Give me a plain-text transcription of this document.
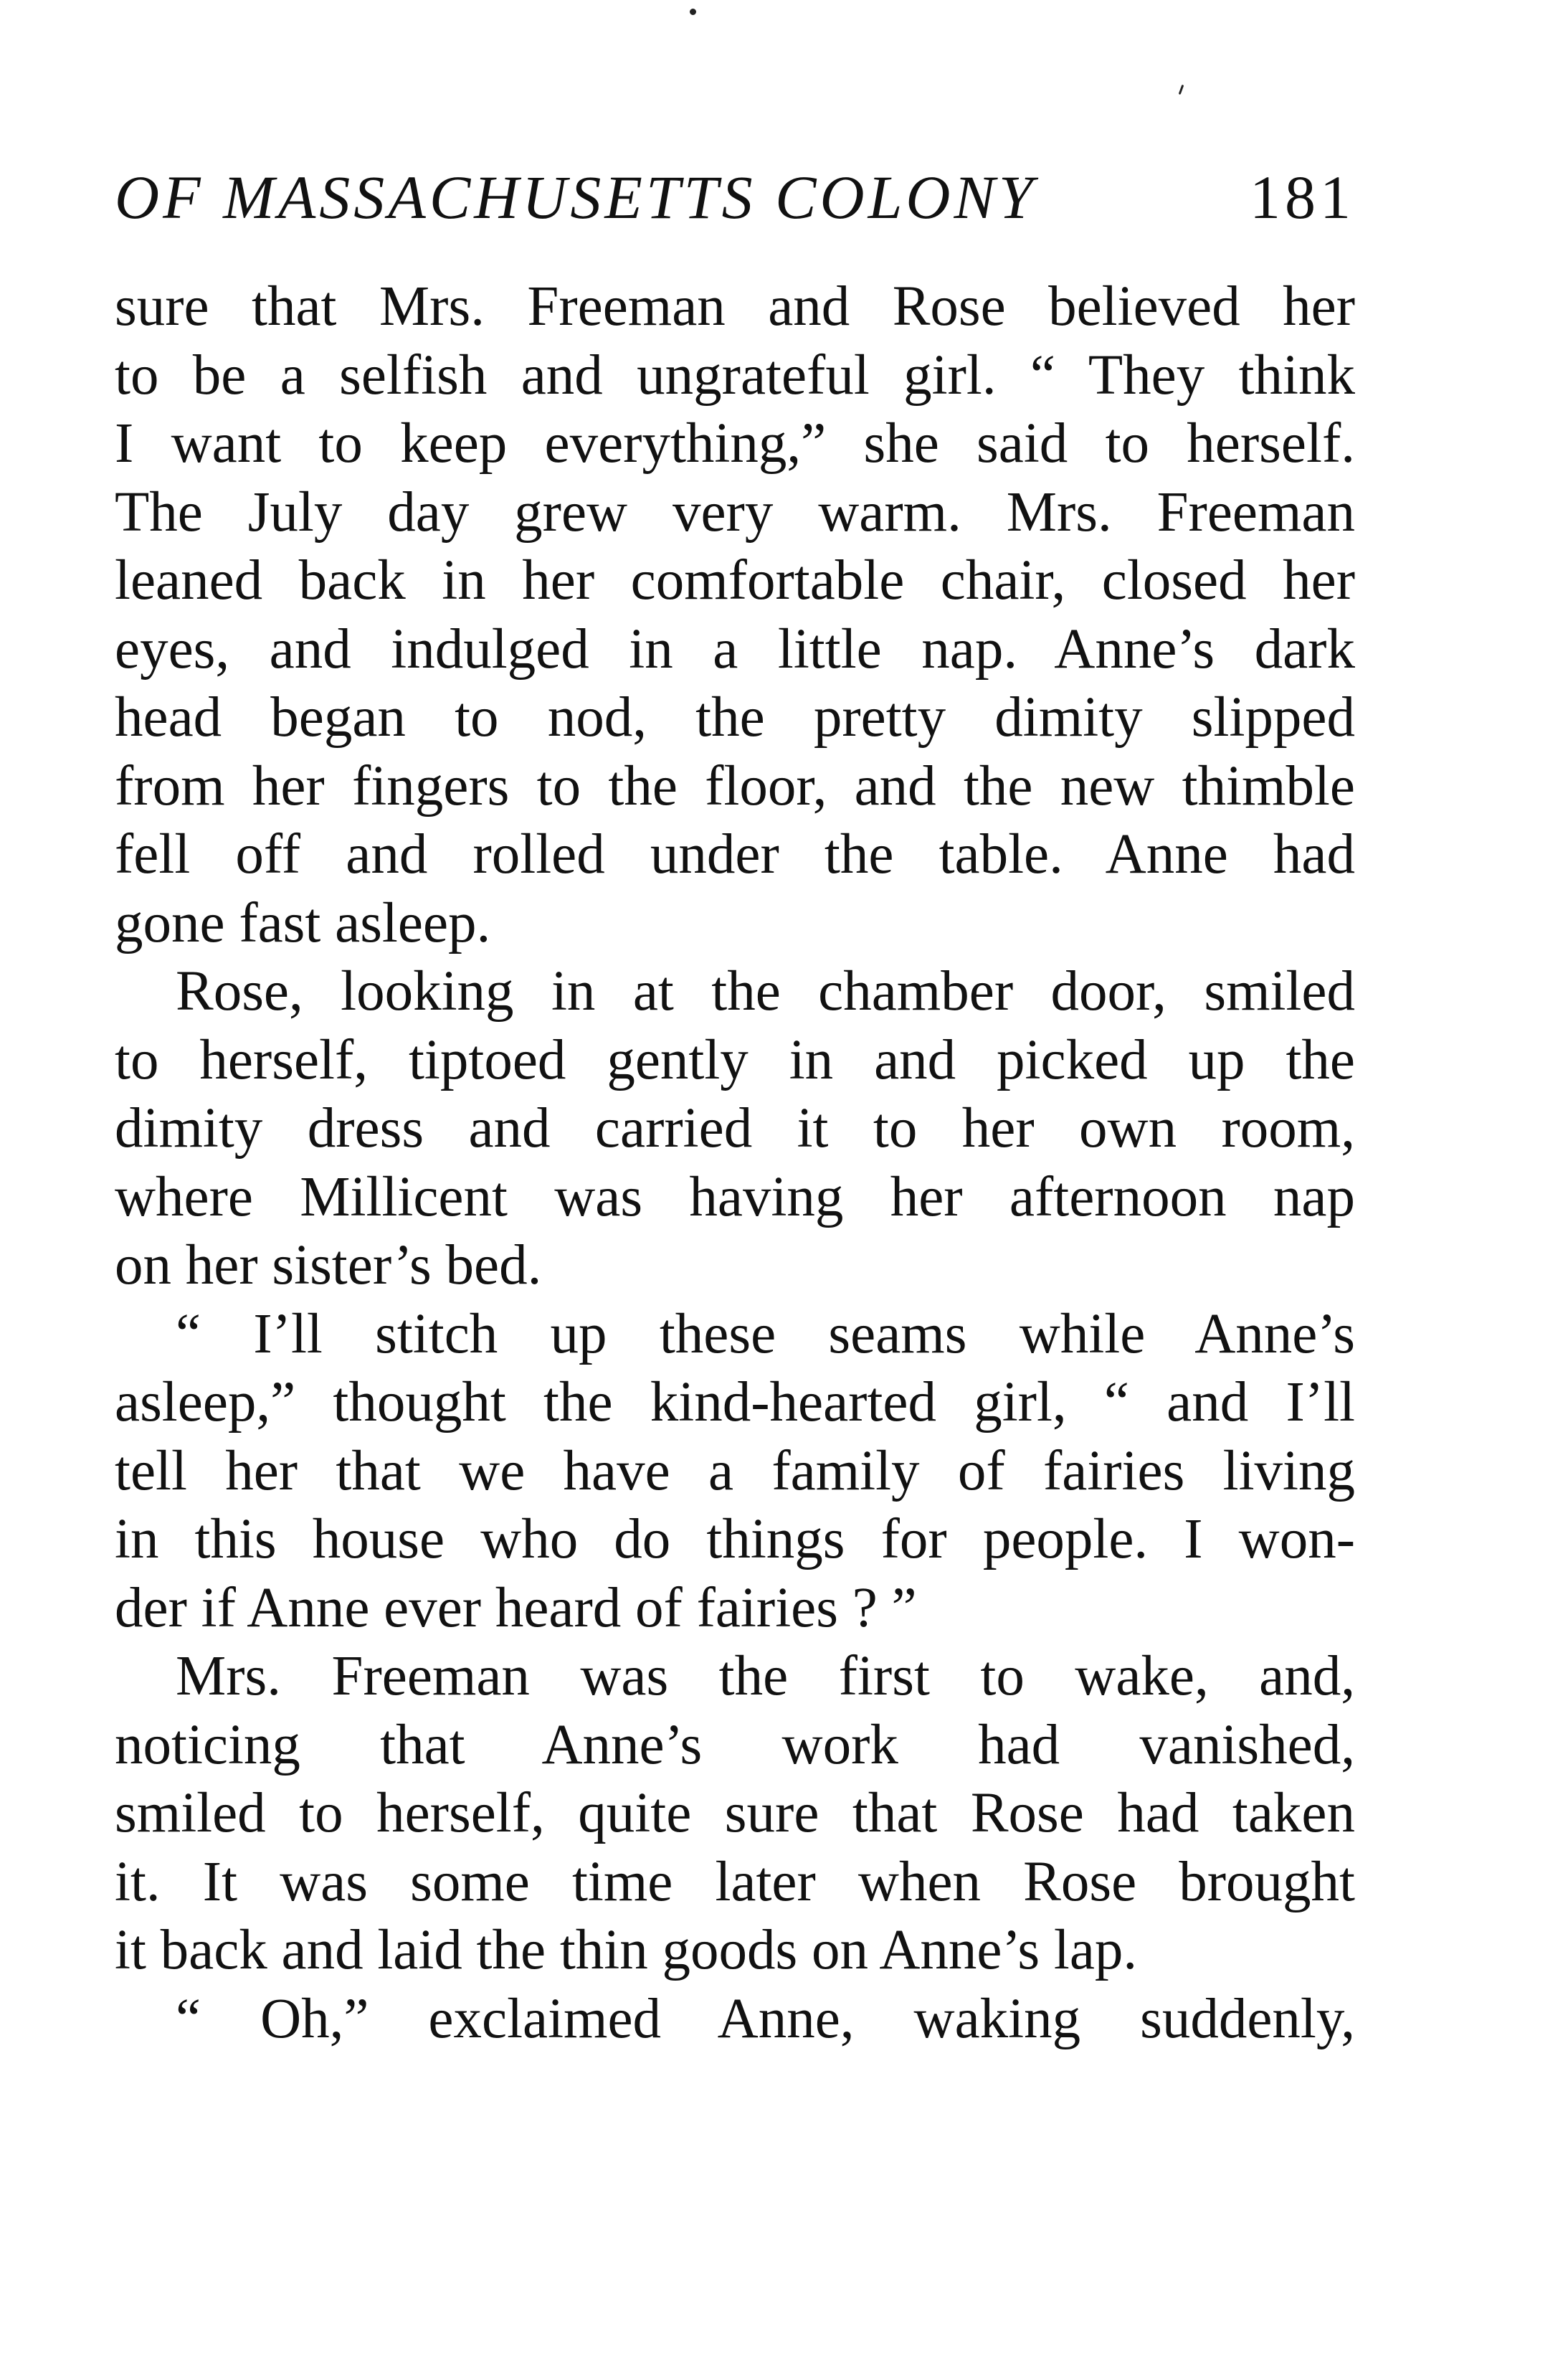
OF MASSACHUSETTS COLONY	181
sure that Mrs. Freeman and Rose believed her
to be a selfish and ungrateful girl. “ They think
I want to keep everything,” she said to herself.
The July day grew very warm. Mrs. Freeman
leaned back in her comfortable chair, closed her
eyes, and indulged in a little nap. Anne’s dark
head began to nod, the pretty dimity slipped
from her fingers to the floor, and the new thimble
fell off and rolled under the table. Anne had
gone fast asleep.
Rose, looking in at the chamber door, smiled
to herself, tiptoed gently in and picked up the
dimity dress and carried it to her own room,
where Millicent was having her afternoon nap
on her sister’s bed.
“ I’ll stitch up these seams while Anne’s
asleep,” thought the kind-hearted girl, “ and I’ll
tell her that we have a family of fairies living
in this house who do things for people. I won-
der if Anne ever heard of fairies ? ”
Mrs. Freeman was the first to wake, and,
noticing that Anne’s work had vanished,
smiled to herself, quite sure that Rose had taken
it. It was some time later when Rose brought
it back and laid the thin goods on Anne’s lap.
“ Oh,” exclaimed Anne, waking suddenly,
